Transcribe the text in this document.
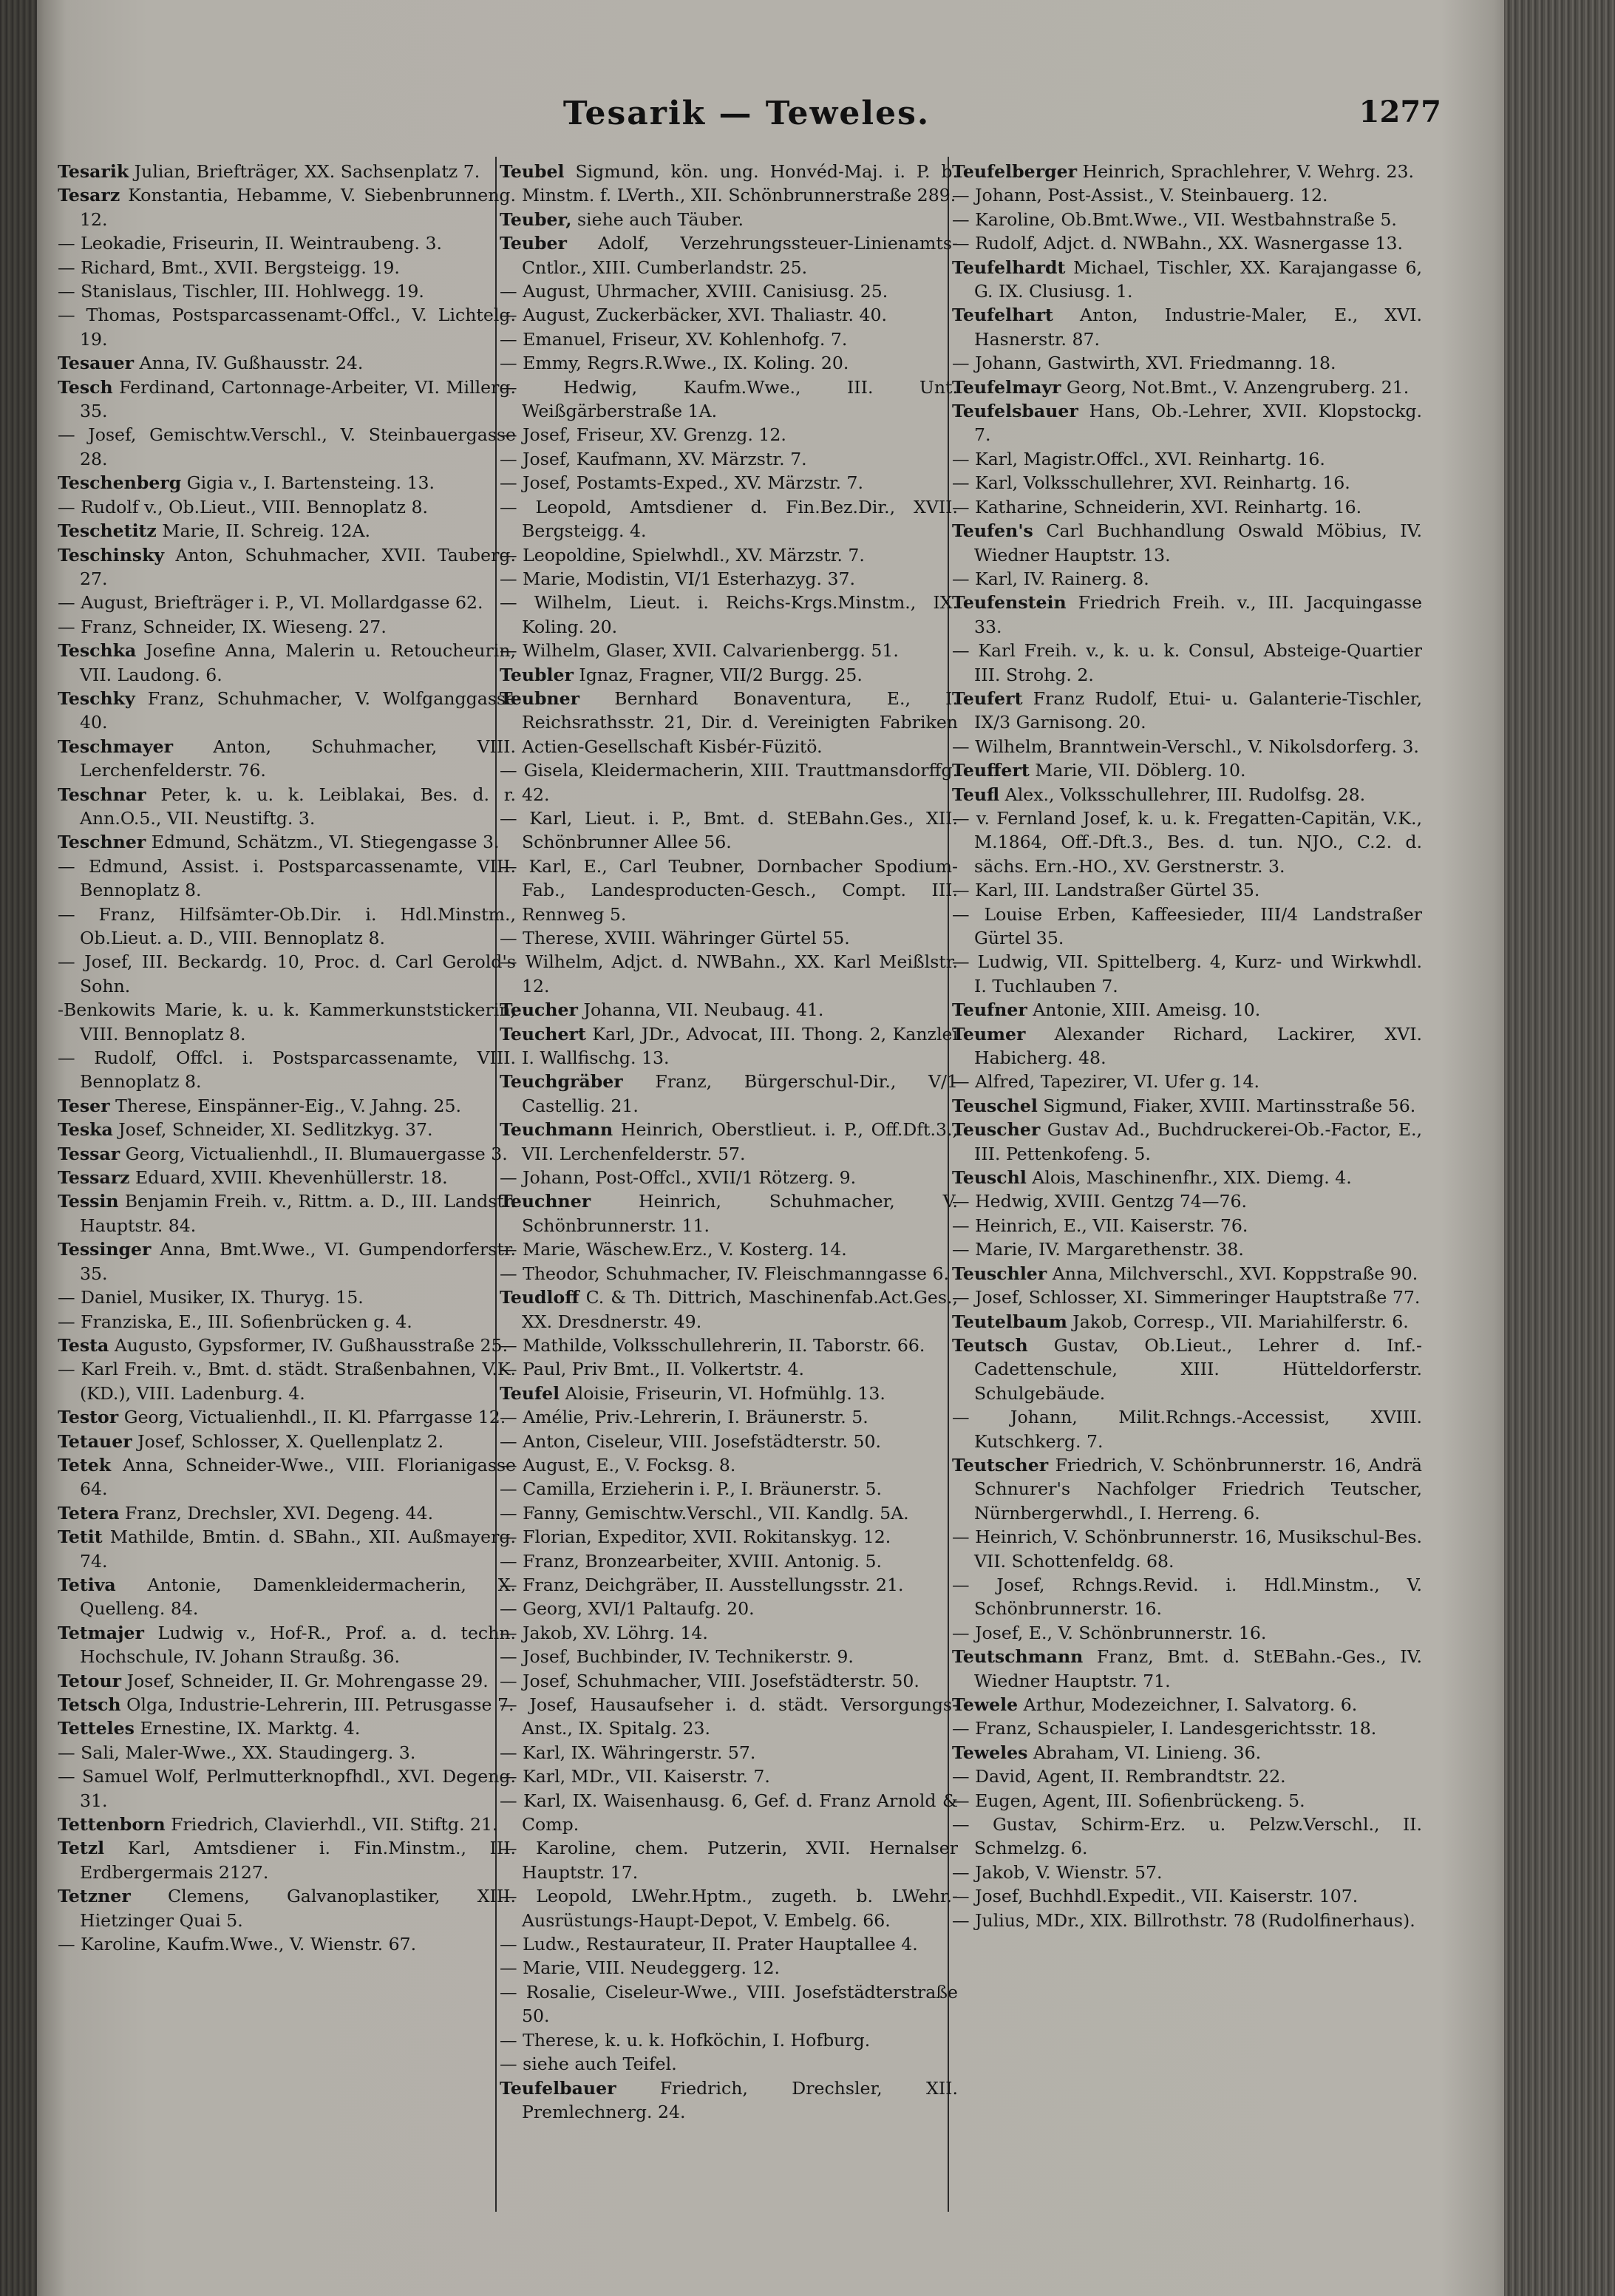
Tesarik — Teweles.	1277

Tesarik Julian, Briefträger, XX. Sachsenplatz 7.

Tesarz Konstantia, Hebamme, V. Siebenbrunneng. 12.

— Leokadie, Friseurin, II. Weintraubeng. 3.

— Richard, Bmt., XVII. Bergsteigg. 19.

— Stanislaus, Tischler, III. Hohlwegg. 19.

— Thomas, Postsparcassenamt-Offcl., V. Lichtelg. 19.

Tesauer Anna, IV. Gußhausstr. 24.

Tesch Ferdinand, Cartonnage-Arbeiter, VI. Millerg. 35.

— Josef, Gemischtw.Verschl., V. Steinbauergasse 28.

Teschenberg Gigia v., I. Bartensteing. 13.

— Rudolf v., Ob.Lieut., VIII. Bennoplatz 8.

Teschetitz Marie, II. Schreig. 12A.

Teschinsky Anton, Schuhmacher, XVII. Tauberg. 27.

— August, Briefträger i. P., VI. Mollardgasse 62.

— Franz, Schneider, IX. Wieseng. 27.

Teschka Josefine Anna, Malerin u. Retoucheurin, VII. Laudong. 6.

Teschky Franz, Schuhmacher, V. Wolfganggasse 40.

Teschmayer Anton, Schuhmacher, VIII. Lerchenfelderstr. 76.

Teschnar Peter, k. u. k. Leiblakai, Bes. d. r. Ann.O.5., VII. Neustiftg. 3.

Teschner Edmund, Schätzm., VI. Stiegengasse 3.

— Edmund, Assist. i. Postsparcassenamte, VIII. Bennoplatz 8.

— Franz, Hilfsämter-Ob.Dir. i. Hdl.Minstm., Ob.Lieut. a. D., VIII. Bennoplatz 8.

— Josef, III. Beckardg. 10, Proc. d. Carl Gerold's Sohn.

-Benkowits Marie, k. u. k. Kammerkunststickerin, VIII. Bennoplatz 8.

— Rudolf, Offcl. i. Postsparcassenamte, VIII. Bennoplatz 8.

Teser Therese, Einspänner-Eig., V. Jahng. 25.

Teska Josef, Schneider, XI. Sedlitzkyg. 37.

Tessar Georg, Victualienhdl., II. Blumauergasse 3.

Tessarz Eduard, XVIII. Khevenhüllerstr. 18.

Tessin Benjamin Freih. v., Rittm. a. D., III. Landstr. Hauptstr. 84.

Tessinger Anna, Bmt.Wwe., VI. Gumpendorferstr. 35.

— Daniel, Musiker, IX. Thuryg. 15.

— Franziska, E., III. Sofienbrücken g. 4.

Testa Augusto, Gypsformer, IV. Gußhausstraße 25.

— Karl Freih. v., Bmt. d. städt. Straßenbahnen, V.K. (KD.), VIII. Ladenburg. 4.

Testor Georg, Victualienhdl., II. Kl. Pfarrgasse 12.

Tetauer Josef, Schlosser, X. Quellenplatz 2.

Tetek Anna, Schneider-Wwe., VIII. Florianigasse 64.

Tetera Franz, Drechsler, XVI. Degeng. 44.

Tetit Mathilde, Bmtin. d. SBahn., XII. Außmayerg. 74.

Tetiva Antonie, Damenkleidermacherin, X. Quelleng. 84.

Tetmajer Ludwig v., Hof-R., Prof. a. d. techn. Hochschule, IV. Johann Straußg. 36.

Tetour Josef, Schneider, II. Gr. Mohrengasse 29.

Tetsch Olga, Industrie-Lehrerin, III. Petrusgasse 7.

Tetteles Ernestine, IX. Marktg. 4.

— Sali, Maler-Wwe., XX. Staudingerg. 3.

— Samuel Wolf, Perlmutterknopfhdl., XVI. Degeng. 31.

Tettenborn Friedrich, Clavierhdl., VII. Stiftg. 21.

Tetzl Karl, Amtsdiener i. Fin.Minstm., III. Erdbergermais 2127.

Tetzner Clemens, Galvanoplastiker, XIII. Hietzinger Quai 5.

— Karoline, Kaufm.Wwe., V. Wienstr. 67.

Teubel Sigmund, kön. ung. Honvéd-Maj. i. P. b. Minstm. f. LVerth., XII. Schönbrunnerstraße 289.

Teuber, siehe auch Täuber.

Teuber Adolf, Verzehrungssteuer-Linienamts-Cntlor., XIII. Cumberlandstr. 25.

— August, Uhrmacher, XVIII. Canisiusg. 25.

— August, Zuckerbäcker, XVI. Thaliastr. 40.

— Emanuel, Friseur, XV. Kohlenhofg. 7.

— Emmy, Regrs.R.Wwe., IX. Koling. 20.

— Hedwig, Kaufm.Wwe., III. Unt. Weißgärberstraße 1A.

— Josef, Friseur, XV. Grenzg. 12.

— Josef, Kaufmann, XV. Märzstr. 7.

— Josef, Postamts-Exped., XV. Märzstr. 7.

— Leopold, Amtsdiener d. Fin.Bez.Dir., XVII. Bergsteigg. 4.

— Leopoldine, Spielwhdl., XV. Märzstr. 7.

— Marie, Modistin, VI/1 Esterhazyg. 37.

— Wilhelm, Lieut. i. Reichs-Krgs.Minstm., IX. Koling. 20.

— Wilhelm, Glaser, XVII. Calvarienbergg. 51.

Teubler Ignaz, Fragner, VII/2 Burgg. 25.

Teubner Bernhard Bonaventura, E., I. Reichsrathsstr. 21, Dir. d. Vereinigten Fabriken Actien-Gesellschaft Kisbér-Füzitö.

— Gisela, Kleidermacherin, XIII. Trauttmansdorffg. 42.

— Karl, Lieut. i. P., Bmt. d. StEBahn.Ges., XII. Schönbrunner Allee 56.

— Karl, E., Carl Teubner, Dornbacher Spodium-Fab., Landesproducten-Gesch., Compt. III. Rennweg 5.

— Therese, XVIII. Währinger Gürtel 55.

— Wilhelm, Adjct. d. NWBahn., XX. Karl Meißlstr. 12.

Teucher Johanna, VII. Neubaug. 41.

Teuchert Karl, JDr., Advocat, III. Thong. 2, Kanzlei I. Wallfischg. 13.

Teuchgräber Franz, Bürgerschul-Dir., V/1 Castellig. 21.

Teuchmann Heinrich, Oberstlieut. i. P., Off.Dft.3., VII. Lerchenfelderstr. 57.

— Johann, Post-Offcl., XVII/1 Rötzerg. 9.

Teuchner	Heinrich, Schuhmacher, V. Schönbrunnerstr. 11.

— Marie, Wäschew.Erz., V. Kosterg. 14.

— Theodor, Schuhmacher, IV. Fleischmanngasse 6.

Teudloff C. & Th. Dittrich, Maschinenfab.Act.Ges., XX. Dresdnerstr. 49.

— Mathilde, Volksschullehrerin, II. Taborstr. 66.

— Paul, Priv Bmt., II. Volkertstr. 4.

Teufel Aloisie, Friseurin, VI. Hofmühlg. 13.

— Amélie, Priv.-Lehrerin, I. Bräunerstr. 5.

— Anton, Ciseleur, VIII. Josefstädterstr. 50.

— August, E., V. Focksg. 8.

— Camilla, Erzieherin i. P., I. Bräunerstr. 5.

— Fanny, Gemischtw.Verschl., VII. Kandlg. 5A.

— Florian, Expeditor, XVII. Rokitanskyg. 12.

— Franz, Bronzearbeiter, XVIII. Antonig. 5.

— Franz, Deichgräber, II. Ausstellungsstr. 21.

— Georg, XVI/1 Paltaufg. 20.

— Jakob, XV. Löhrg. 14.

— Josef, Buchbinder, IV. Technikerstr. 9.

— Josef, Schuhmacher, VIII. Josefstädterstr. 50.

— Josef, Hausaufseher i. d. städt. Versorgungs-Anst., IX. Spitalg. 23.

— Karl, IX. Währingerstr. 57.

— Karl, MDr., VII. Kaiserstr. 7.

— Karl, IX. Waisenhausg. 6, Gef. d. Franz Arnold & Comp.

— Karoline, chem. Putzerin, XVII. Hernalser Hauptstr. 17.

— Leopold, LWehr.Hptm., zugeth. b. LWehr.-Ausrüstungs-Haupt-Depot, V. Embelg. 66.

— Ludw., Restaurateur, II. Prater Hauptallee 4.

— Marie, VIII. Neudeggerg. 12.

— Rosalie, Ciseleur-Wwe., VIII. Josefstädterstraße 50.

— Therese, k. u. k. Hofköchin, I. Hofburg.

— siehe auch Teifel.

Teufelbauer	Friedrich, Drechsler, XII. Premlechnerg. 24.

Teufelberger Heinrich, Sprachlehrer, V. Wehrg. 23.

— Johann, Post-Assist., V. Steinbauerg. 12.

— Karoline, Ob.Bmt.Wwe., VII. Westbahnstraße 5.

— Rudolf, Adjct. d. NWBahn., XX. Wasnergasse 13.

Teufelhardt Michael, Tischler, XX. Karajangasse 6, G. IX. Clusiusg. 1.

Teufelhart Anton, Industrie-Maler, E., XVI. Hasnerstr. 87.

— Johann, Gastwirth, XVI. Friedmanng. 18.

Teufelmayr Georg, Not.Bmt., V. Anzengruberg. 21.

Teufelsbauer Hans, Ob.-Lehrer, XVII. Klopstockg. 7.

— Karl, Magistr.Offcl., XVI. Reinhartg. 16.

— Karl, Volksschullehrer, XVI. Reinhartg. 16.

— Katharine, Schneiderin, XVI. Reinhartg. 16.

Teufen's Carl Buchhandlung Oswald Möbius, IV. Wiedner Hauptstr. 13.

— Karl, IV. Rainerg. 8.

Teufenstein Friedrich Freih. v., III. Jacquingasse 33.

— Karl Freih. v., k. u. k. Consul, Absteige-Quartier III. Strohg. 2.

Teufert Franz Rudolf, Etui- u. Galanterie-Tischler, IX/3 Garnisong. 20.

— Wilhelm, Branntwein-Verschl., V. Nikolsdorferg. 3.

Teuffert Marie, VII. Döblerg. 10.

Teufl Alex., Volksschullehrer, III. Rudolfsg. 28.

— v. Fernland Josef, k. u. k. Fregatten-Capitän, V.K., M.1864, Off.-Dft.3., Bes. d. tun. NJO., C.2. d. sächs. Ern.-HO., XV. Gerstnerstr. 3.

— Karl, III. Landstraßer Gürtel 35.

— Louise Erben, Kaffeesieder, III/4 Landstraßer Gürtel 35.

— Ludwig, VII. Spittelberg. 4, Kurz- und Wirkwhdl. I. Tuchlauben 7.

Teufner Antonie, XIII. Ameisg. 10.

Teumer Alexander Richard, Lackirer, XVI. Habicherg. 48.

— Alfred, Tapezirer, VI. Ufer g. 14.

Teuschel Sigmund, Fiaker, XVIII. Martinsstraße 56.

Teuscher Gustav Ad., Buchdruckerei-Ob.-Factor, E., III. Pettenkofeng. 5.

Teuschl Alois, Maschinenfhr., XIX. Diemg. 4.

— Hedwig, XVIII. Gentzg 74—76.

— Heinrich, E., VII. Kaiserstr. 76.

— Marie, IV. Margarethenstr. 38.

Teuschler Anna, Milchverschl., XVI. Koppstraße 90.

— Josef, Schlosser, XI. Simmeringer Hauptstraße 77.

Teutelbaum Jakob, Corresp., VII. Mariahilferstr. 6.

Teutsch Gustav, Ob.Lieut., Lehrer d. Inf.-Cadettenschule, XIII. Hütteldorferstr. Schulgebäude.

— Johann, Milit.Rchngs.-Accessist, XVIII. Kutschkerg. 7.

Teutscher Friedrich, V. Schönbrunnerstr. 16, Andrä Schnurer's Nachfolger Friedrich Teutscher, Nürnbergerwhdl., I. Herreng. 6.

— Heinrich, V. Schönbrunnerstr. 16, Musikschul-Bes. VII. Schottenfeldg. 68.

— Josef, Rchngs.Revid. i. Hdl.Minstm., V. Schönbrunnerstr. 16.

— Josef, E., V. Schönbrunnerstr. 16.

Teutschmann Franz, Bmt. d. StEBahn.-Ges., IV. Wiedner Hauptstr. 71.

Tewele Arthur, Modezeichner, I. Salvatorg. 6.

— Franz, Schauspieler, I. Landesgerichtsstr. 18.

Teweles Abraham, VI. Linieng. 36.

— David, Agent, II. Rembrandtstr. 22.

— Eugen, Agent, III. Sofienbrückeng. 5.

— Gustav, Schirm-Erz. u. Pelzw.Verschl., II. Schmelzg. 6.

— Jakob, V. Wienstr. 57.

— Josef, Buchhdl.Expedit., VII. Kaiserstr. 107.

— Julius, MDr., XIX. Billrothstr. 78 (Rudolfinerhaus).
